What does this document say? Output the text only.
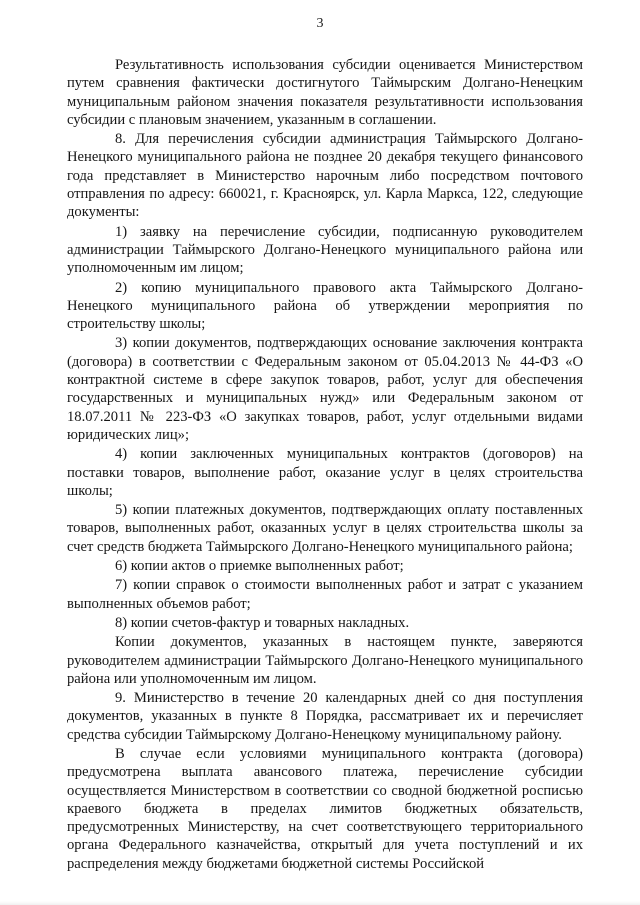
3

Результативность использования субсидии оценивается Министерством путем сравнения фактически достигнутого Таймырским Долгано-Ненецким муниципальным районом значения показателя результативности использования субсидии с плановым значением, указанным в соглашении.

8. Для перечисления субсидии администрация Таймырского Долгано-Ненецкого муниципального района не позднее 20 декабря текущего финансового года представляет в Министерство нарочным либо посредством почтового отправления по адресу: 660021, г. Красноярск, ул. Карла Маркса, 122, следующие документы:

1) заявку на перечисление субсидии, подписанную руководителем администрации Таймырского Долгано-Ненецкого муниципального района или уполномоченным им лицом;

2) копию муниципального правового акта Таймырского Долгано-Ненецкого муниципального района об утверждении мероприятия по строительству школы;

3) копии документов, подтверждающих основание заключения контракта (договора) в соответствии с Федеральным законом от 05.04.2013 № 44-ФЗ «О контрактной системе в сфере закупок товаров, работ, услуг для обеспечения государственных и муниципальных нужд» или Федеральным законом от 18.07.2011 № 223-ФЗ «О закупках товаров, работ, услуг отдельными видами юридических лиц»;

4) копии заключенных муниципальных контрактов (договоров) на поставки товаров, выполнение работ, оказание услуг в целях строительства школы;

5) копии платежных документов, подтверждающих оплату поставленных товаров, выполненных работ, оказанных услуг в целях строительства школы за счет средств бюджета Таймырского Долгано-Ненецкого муниципального района;

6) копии актов о приемке выполненных работ;

7) копии справок о стоимости выполненных работ и затрат с указанием выполненных объемов работ;

8) копии счетов-фактур и товарных накладных.

Копии документов, указанных в настоящем пункте, заверяются руководителем администрации Таймырского Долгано-Ненецкого муниципального района или уполномоченным им лицом.

9. Министерство в течение 20 календарных дней со дня поступления документов, указанных в пункте 8 Порядка, рассматривает их и перечисляет средства субсидии Таймырскому Долгано-Ненецкому муниципальному району.

В случае если условиями муниципального контракта (договора) предусмотрена выплата авансового платежа, перечисление субсидии осуществляется Министерством в соответствии со сводной бюджетной росписью краевого бюджета в пределах лимитов бюджетных обязательств, предусмотренных Министерству, на счет соответствующего территориального органа Федерального казначейства, открытый для учета поступлений и их распределения между бюджетами бюджетной системы Российской
